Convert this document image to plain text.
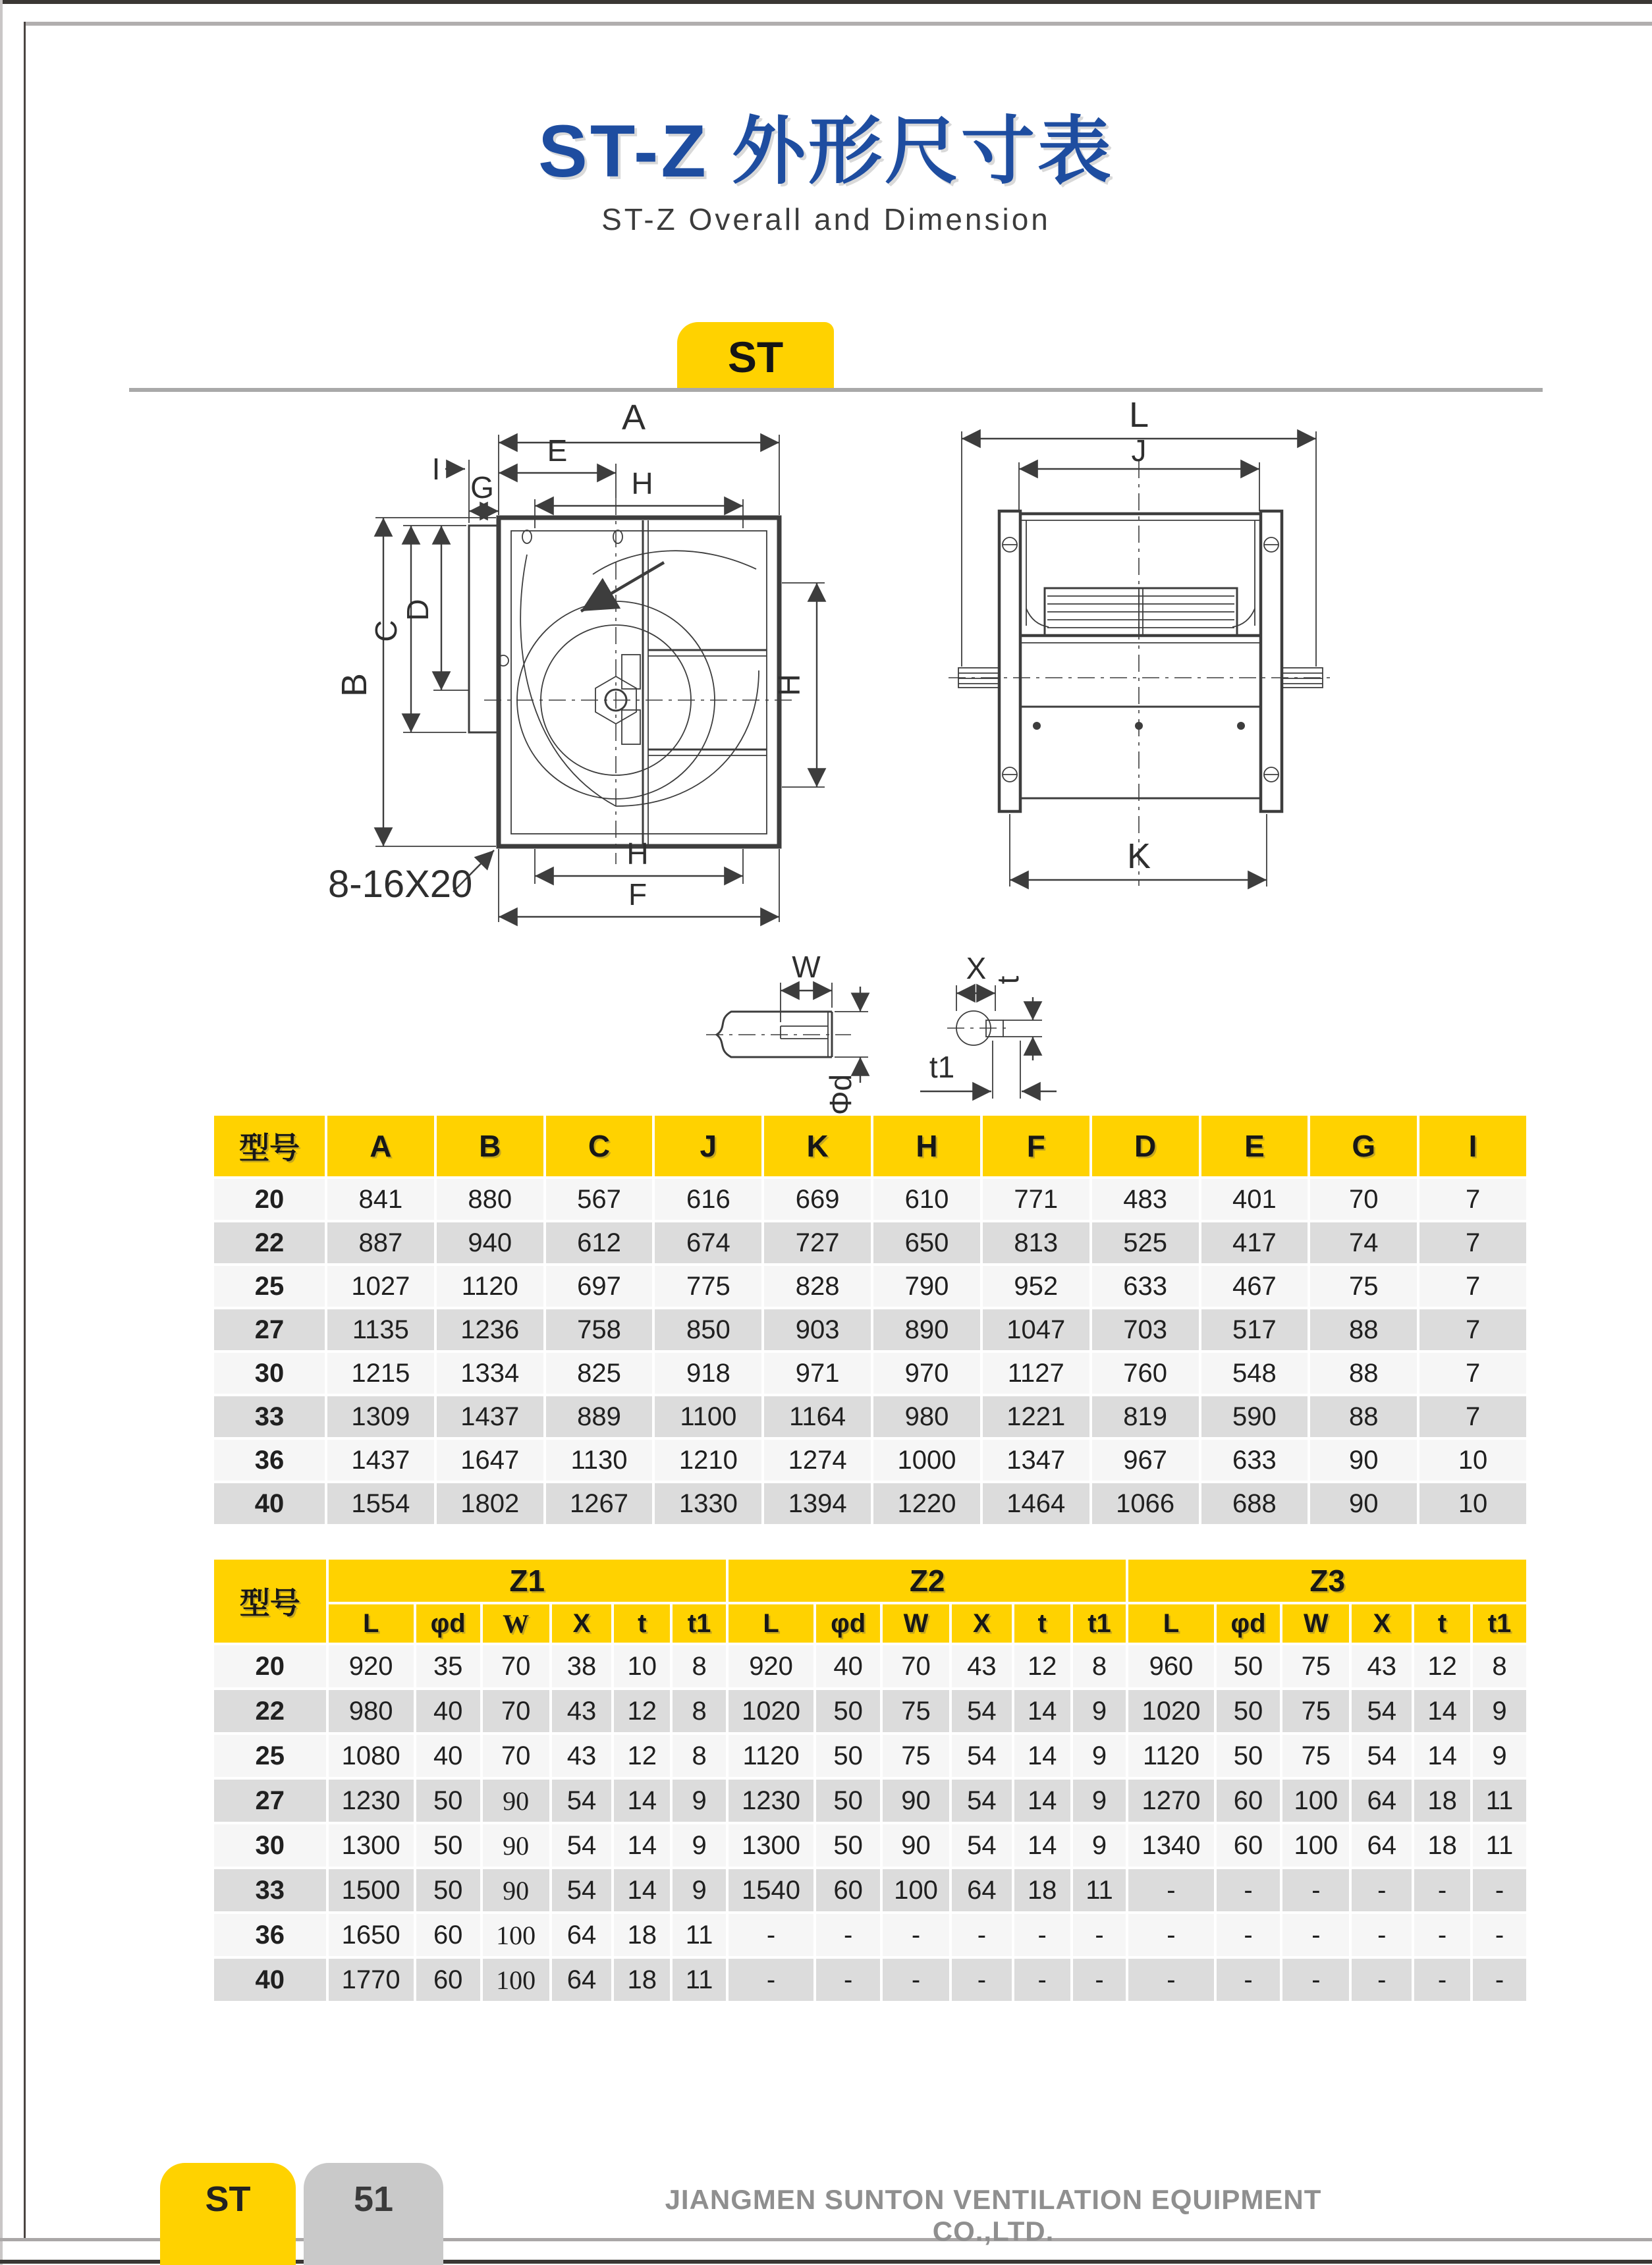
ST-Z 外形尺寸表
ST-Z Overall and Dimension
ST
A
E
H
G
I
B
C
D
H
H
F
8-16X20
L
J
K
W
Φd
X t
t1
型号	A	B	C	J	K	H	F	D	E	G	I
20	841	880	567	616	669	610	771	483	401	70	7
22	887	940	612	674	727	650	813	525	417	74	7
25	1027	1120	697	775	828	790	952	633	467	75	7
27	1135	1236	758	850	903	890	1047	703	517	88	7
30	1215	1334	825	918	971	970	1127	760	548	88	7
33	1309	1437	889	1100	1164	980	1221	819	590	88	7
36	1437	1647	1130	1210	1274	1000	1347	967	633	90	10
40	1554	1802	1267	1330	1394	1220	1464	1066	688	90	10
型号	Z1						Z2						Z3					
	L	φd	W	X	t	t1	L	φd	W	X	t	t1	L	φd	W	X	t	t1
20	920	35	70	38	10	8	920	40	70	43	12	8	960	50	75	43	12	8
22	980	40	70	43	12	8	1020	50	75	54	14	9	1020	50	75	54	14	9
25	1080	40	70	43	12	8	1120	50	75	54	14	9	1120	50	75	54	14	9
27	1230	50	90	54	14	9	1230	50	90	54	14	9	1270	60	100	64	18	11
30	1300	50	90	54	14	9	1300	50	90	54	14	9	1340	60	100	64	18	11
33	1500	50	90	54	14	9	1540	60	100	64	18	11	-	-	-	-	-	-
36	1650	60	100	64	18	11	-	-	-	-	-	-	-	-	-	-	-	-
40	1770	60	100	64	18	11	-	-	-	-	-	-	-	-	-	-	-	-
ST	51	JIANGMEN SUNTON VENTILATION EQUIPMENT CO.,LTD.
